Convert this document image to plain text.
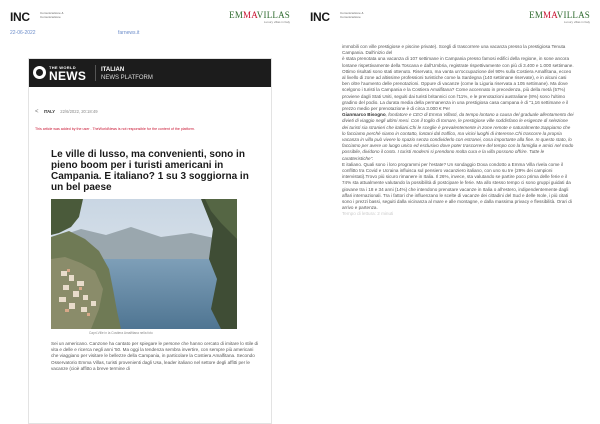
INC	Comunicazione & Comunicazione	EMMAVILLAS
Luxury villas in Italy
22-06-2022	farnews.it
THE WORLD
NEWS ITALIAN
NEWS PLATFORM
< ITALY 22/6/2022, 20:18:49
This article was added by the user . TheWorldNews is not responsible for the content of the platform.
Le ville di lusso, ma convenienti, sono in pieno boom per i turisti americani in Campania. E italiano? 1 su 3 soggiorna in un bel paese
Capri-Ville in la Costiera Amalfitana nella foto
Sei un americano. Canzone ha cantato per spiegare le persone che hanno cercato di imitare lo stile di vita e delle e ricerca negli anni '50. Ma oggi la tendenza sembra invertire, con sempre più americani che viaggiano per visitare le bellezze della Campania, in particolare la Costiera Amalfitana. Secondo Osservatorio Emma Villas, turisti provenienti dagli Usa, leader italiano nel settore degli affitti per le vacanze (cioè affitto a breve termine di
INC	Comunicazione & Comunicazione	EMMAVILLAS
Luxury villas in Italy

immobili con ville prestigiose e piscine private). Scegli di trascorrere una vacanza presso la prestigiosa Tenuta Campania. Dall'inizio del

è stata prenotata una vacanza di 107 settimane in Campania presso famosi edifici della regione, in sone ancora lontane rispettivamente della Toscana e dall'Umbria, registrate rispettivamente con più di 3.400 e 1.000 settimane. Ottimo risultati sono stati ottenuto. Riservato, ma vanta un'occupazione del 90% sulla Costiera Amalfitana, ecceo al livello di zone ad altissime professioni turistiche come la Sardegna (140 settimane riservate), e in alcuni casi ben oltre l'aumento delle prenotazioni. Oppure di vacanze (come la Liguria riservata a 105 settimane). Ma dove scelgono i turisti la Campania e la Costiera Amalfitana? Come accennato in precedenza, più della metà (57%) proviene dagli Stati Uniti, seguiti dai turisti britannici con l'11%, e le prenotazioni australiane (8%) sono l'ultimo gradino del podio. La durata media della permanenza in una prestigiosa casa campana è di "1,16 settimane e il prezzo medio per prenotazione è di circa 3.000 € Per

Gianmarco Bisogno, fondatore e CEO di Emma Villasti, da tempo lontano a causa del graduale allentamento dei divieti di viaggio negli ultimi mesi. Con il toglio di tornare, le prestigiose ville soddisfano le esigenze di selezione dei turisti sia stranieri che italiani.Chi le sceglie è prevalentemente in zone remote e naturalmente.Sappiamo che lo facciamo perché siamo in contatto, lontani dal traffico, ma vicini luoghi di interesse.Chi trascorre la propria vacanza in villa può vivere lo spazio senza condividerlo con estranei, cosa importante alla fine. In questo stato, lo facciamo per avere un luogo unico ed esclusivo dove poter trascorrere del tempo con la famiglia e amici nel modo possibile, dividono il costo. I turisti moderni si prendono molta cura e la villa possono offrire. Tutte le caratteristiche".

E italiano. Quali sono i loro programmi per l'estate? Un sondaggio Doxa condotto a Emma Villa rivela come il conflitto tra Covid e Ucraina influisca sul pensiero vacanziero italiano, con uno su tre (29% dei campioni intervistati).Trovo più sicuro rimanere in Italia. Il 26%, invece, sta valutando se partire poco prima delle ferie e il 74% sta attualmente valutando la possibilità di postcipare le ferie. Ma allo stesso tempo ci sono gruppi guidati da giovane tra i 18 e 34 anni (14%) che intendono prenotare vacanze in Italia o all'estero, indipendentemente dagli affari internazionali. Tra i fattori che influenzano le scelte di vacanze dei cittadini del Sud e delle Isole, i più citati sono i prezzi bassi, seguiti dalla vicinanza al mare e alle montagne, e dalla massima privacy e flessibilità. Orari di arrivo e partenza.

Tempo di lettura: 2 minuti
